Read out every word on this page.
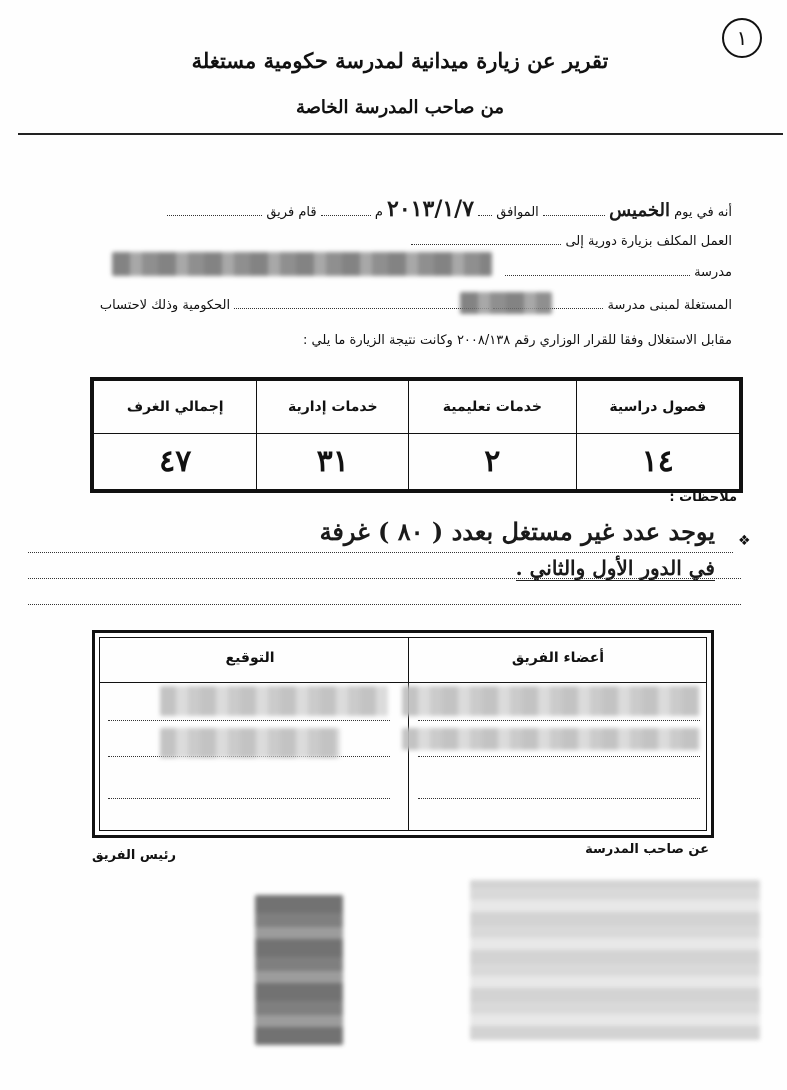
١
تقرير عن زيارة ميدانية لمدرسة حكومية مستغلة
من صاحب المدرسة الخاصة
أنه في يوم الخميس  الموافق  ٢٠١٣/١/٧ م  قام فريق
العمل المكلف بزيارة دورية إلى
مدرسة
المستغلة لمبنى مدرسة   الحكومية وذلك لاحتساب
مقابل الاستغلال وفقا للقرار الوزاري رقم ٢٠٠٨/١٣٨ وكانت نتيجة الزيارة ما يلي :
فصول دراسية	خدمات تعليمية	خدمات إدارية	إجمالي الغرف
١٤	٢	٣١	٤٧
ملاحظات :
❖
يوجد عدد غير مستغل بعدد ( ٨٠ ) غرفة
في الدور الأول والثاني .
أعضاء الفريق
التوقيع
عن صاحب المدرسة
رئيس الفريق
